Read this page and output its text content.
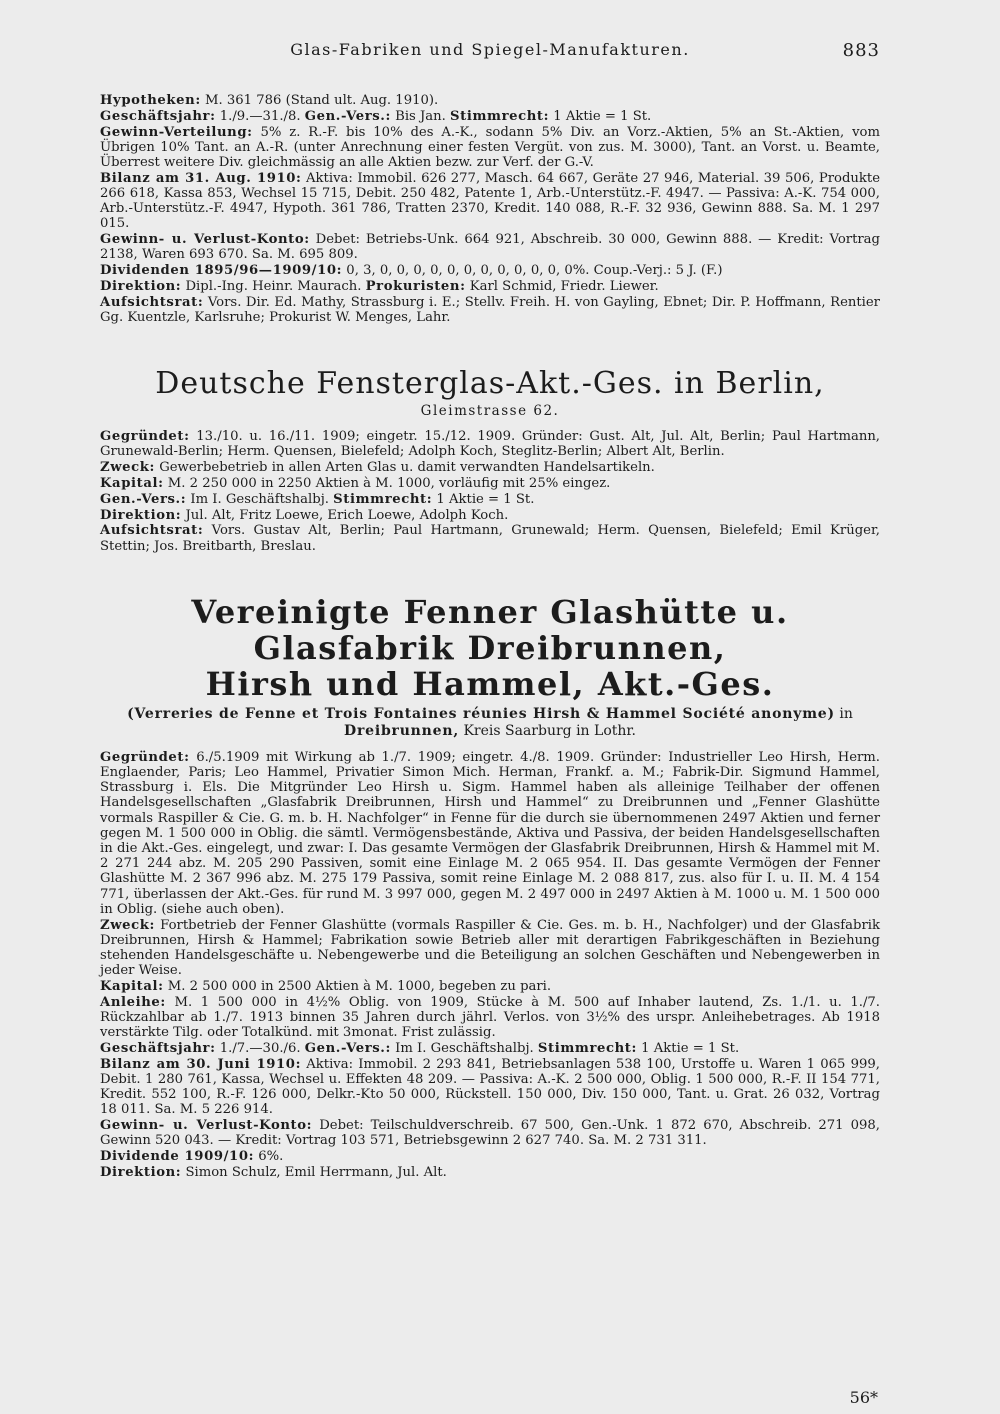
Glas-Fabriken und Spiegel-Manufakturen.	883

Hypotheken: M. 361 786 (Stand ult. Aug. 1910).

Geschäftsjahr: 1./9.—31./8. Gen.-Vers.: Bis Jan. Stimmrecht: 1 Aktie = 1 St.

Gewinn-Verteilung: 5% z. R.-F. bis 10% des A.-K., sodann 5% Div. an Vorz.-Aktien, 5% an St.-Aktien, vom Übrigen 10% Tant. an A.-R. (unter Anrechnung einer festen Vergüt. von zus. M. 3000), Tant. an Vorst. u. Beamte, Überrest weitere Div. gleichmässig an alle Aktien bezw. zur Verf. der G.-V.

Bilanz am 31. Aug. 1910: Aktiva: Immobil. 626 277, Masch. 64 667, Geräte 27 946, Material. 39 506, Produkte 266 618, Kassa 853, Wechsel 15 715, Debit. 250 482, Patente 1, Arb.-Unterstütz.-F. 4947. — Passiva: A.-K. 754 000, Arb.-Unterstütz.-F. 4947, Hypoth. 361 786, Tratten 2370, Kredit. 140 088, R.-F. 32 936, Gewinn 888. Sa. M. 1 297 015.

Gewinn- u. Verlust-Konto: Debet: Betriebs-Unk. 664 921, Abschreib. 30 000, Gewinn 888. — Kredit: Vortrag 2138, Waren 693 670. Sa. M. 695 809.

Dividenden 1895/96—1909/10: 0, 3, 0, 0, 0, 0, 0, 0, 0, 0, 0, 0, 0, 0%. Coup.-Verj.: 5 J. (F.)

Direktion: Dipl.-Ing. Heinr. Maurach. Prokuristen: Karl Schmid, Friedr. Liewer.

Aufsichtsrat: Vors. Dir. Ed. Mathy, Strassburg i. E.; Stellv. Freih. H. von Gayling, Ebnet; Dir. P. Hoffmann, Rentier Gg. Kuentzle, Karlsruhe; Prokurist W. Menges, Lahr.

Deutsche Fensterglas-Akt.-Ges. in Berlin,
Gleimstrasse 62.

Gegründet: 13./10. u. 16./11. 1909; eingetr. 15./12. 1909. Gründer: Gust. Alt, Jul. Alt, Berlin; Paul Hartmann, Grunewald-Berlin; Herm. Quensen, Bielefeld; Adolph Koch, Steglitz-Berlin; Albert Alt, Berlin.

Zweck: Gewerbebetrieb in allen Arten Glas u. damit verwandten Handelsartikeln.

Kapital: M. 2 250 000 in 2250 Aktien à M. 1000, vorläufig mit 25% eingez.

Gen.-Vers.: Im I. Geschäftshalbj. Stimmrecht: 1 Aktie = 1 St.

Direktion: Jul. Alt, Fritz Loewe, Erich Loewe, Adolph Koch.

Aufsichtsrat: Vors. Gustav Alt, Berlin; Paul Hartmann, Grunewald; Herm. Quensen, Bielefeld; Emil Krüger, Stettin; Jos. Breitbarth, Breslau.

Vereinigte Fenner Glashütte u. Glasfabrik Dreibrunnen,
Hirsh und Hammel, Akt.-Ges.
(Verreries de Fenne et Trois Fontaines réunies Hirsh & Hammel Société anonyme) in Dreibrunnen, Kreis Saarburg in Lothr.

Gegründet: 6./5.1909 mit Wirkung ab 1./7. 1909; eingetr. 4./8. 1909. Gründer: Industrieller Leo Hirsh, Herm. Englaender, Paris; Leo Hammel, Privatier Simon Mich. Herman, Frankf. a. M.; Fabrik-Dir. Sigmund Hammel, Strassburg i. Els. Die Mitgründer Leo Hirsh u. Sigm. Hammel haben als alleinige Teilhaber der offenen Handelsgesellschaften „Glasfabrik Dreibrunnen, Hirsh und Hammel“ zu Dreibrunnen und „Fenner Glashütte vormals Raspiller & Cie. G. m. b. H. Nachfolger“ in Fenne für die durch sie übernommenen 2497 Aktien und ferner gegen M. 1 500 000 in Oblig. die sämtl. Vermögensbestände, Aktiva und Passiva, der beiden Handelsgesellschaften in die Akt.-Ges. eingelegt, und zwar: I. Das gesamte Vermögen der Glasfabrik Dreibrunnen, Hirsh & Hammel mit M. 2 271 244 abz. M. 205 290 Passiven, somit eine Einlage M. 2 065 954. II. Das gesamte Vermögen der Fenner Glashütte M. 2 367 996 abz. M. 275 179 Passiva, somit reine Einlage M. 2 088 817, zus. also für I. u. II. M. 4 154 771, überlassen der Akt.-Ges. für rund M. 3 997 000, gegen M. 2 497 000 in 2497 Aktien à M. 1000 u. M. 1 500 000 in Oblig. (siehe auch oben).

Zweck: Fortbetrieb der Fenner Glashütte (vormals Raspiller & Cie. Ges. m. b. H., Nachfolger) und der Glasfabrik Dreibrunnen, Hirsh & Hammel; Fabrikation sowie Betrieb aller mit derartigen Fabrikgeschäften in Beziehung stehenden Handelsgeschäfte u. Nebengewerbe und die Beteiligung an solchen Geschäften und Nebengewerben in jeder Weise.

Kapital: M. 2 500 000 in 2500 Aktien à M. 1000, begeben zu pari.

Anleihe: M. 1 500 000 in 4½% Oblig. von 1909, Stücke à M. 500 auf Inhaber lautend, Zs. 1./1. u. 1./7. Rückzahlbar ab 1./7. 1913 binnen 35 Jahren durch jährl. Verlos. von 3½% des urspr. Anleihebetrages. Ab 1918 verstärkte Tilg. oder Totalkünd. mit 3monat. Frist zulässig.

Geschäftsjahr: 1./7.—30./6. Gen.-Vers.: Im I. Geschäftshalbj. Stimmrecht: 1 Aktie = 1 St.

Bilanz am 30. Juni 1910: Aktiva: Immobil. 2 293 841, Betriebsanlagen 538 100, Urstoffe u. Waren 1 065 999, Debit. 1 280 761, Kassa, Wechsel u. Effekten 48 209. — Passiva: A.-K. 2 500 000, Oblig. 1 500 000, R.-F. II 154 771, Kredit. 552 100, R.-F. 126 000, Delkr.-Kto 50 000, Rückstell. 150 000, Div. 150 000, Tant. u. Grat. 26 032, Vortrag 18 011. Sa. M. 5 226 914.

Gewinn- u. Verlust-Konto: Debet: Teilschuldverschreib. 67 500, Gen.-Unk. 1 872 670, Abschreib. 271 098, Gewinn 520 043. — Kredit: Vortrag 103 571, Betriebsgewinn 2 627 740. Sa. M. 2 731 311.

Dividende 1909/10: 6%.

Direktion: Simon Schulz, Emil Herrmann, Jul. Alt.

56*
